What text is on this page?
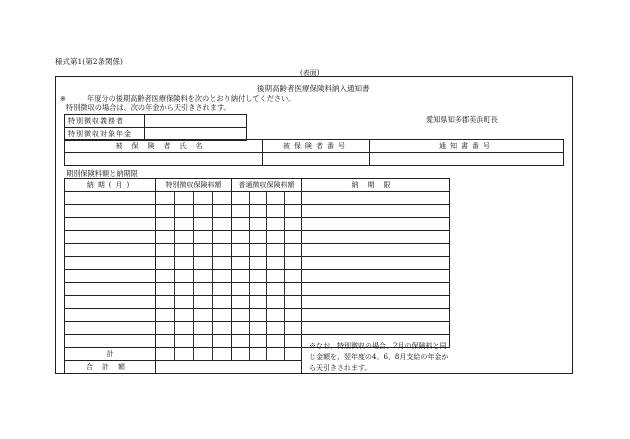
様式第1(第2条関係)
(表面)
後期高齢者医療保険料納入通知書
※	年度分の後期高齢者医療保険料を次のとおり納付してください。
特別徴収の場合は、次の年金から天引きされます。
愛知県知多郡美浜町長
特別徴収義務者	
特別徴収対象年金	
被保険者氏名	被保険者番号	通知書番号

期別保険料額と納期限
納期(月)	特別徴収保険料額	普通徴収保険料額	納期限

計	

合計額			
※なお、特別徴収の場合、2月の保険料と同じ金額を、翌年度の4、6、8月支給の年金から天引きされます。
